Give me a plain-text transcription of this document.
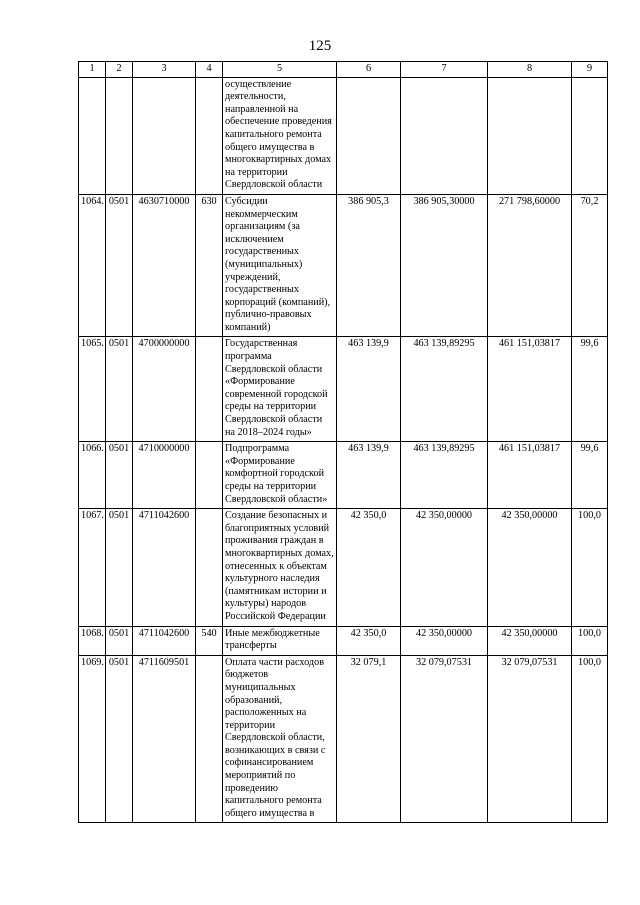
125
1	2	3	4	5	6	7	8	9
				осуществление деятельности, направленной на обеспечение проведения капитального ремонта общего имущества в многоквартирных домах на территории Свердловской области				
1064.	0501	4630710000	630	Субсидии некоммерческим организациям (за исключением государственных (муниципальных) учреждений, государственных корпораций (компаний), публично-правовых компаний)	386 905,3	386 905,30000	271 798,60000	70,2
1065.	0501	4700000000		Государственная программа Свердловской области «Формирование современной городской среды на территории Свердловской области на 2018–2024 годы»	463 139,9	463 139,89295	461 151,03817	99,6
1066.	0501	4710000000		Подпрограмма «Формирование комфортной городской среды на территории Свердловской области»	463 139,9	463 139,89295	461 151,03817	99,6
1067.	0501	4711042600		Создание безопасных и благоприятных условий проживания граждан в многоквартирных домах, отнесенных к объектам культурного наследия (памятникам истории и культуры) народов Российской Федерации	42 350,0	42 350,00000	42 350,00000	100,0
1068.	0501	4711042600	540	Иные межбюджетные трансферты	42 350,0	42 350,00000	42 350,00000	100,0
1069.	0501	4711609501		Оплата части расходов бюджетов муниципальных образований, расположенных на территории Свердловской области, возникающих в связи с софинансированием мероприятий по проведению капитального ремонта общего имущества в	32 079,1	32 079,07531	32 079,07531	100,0
